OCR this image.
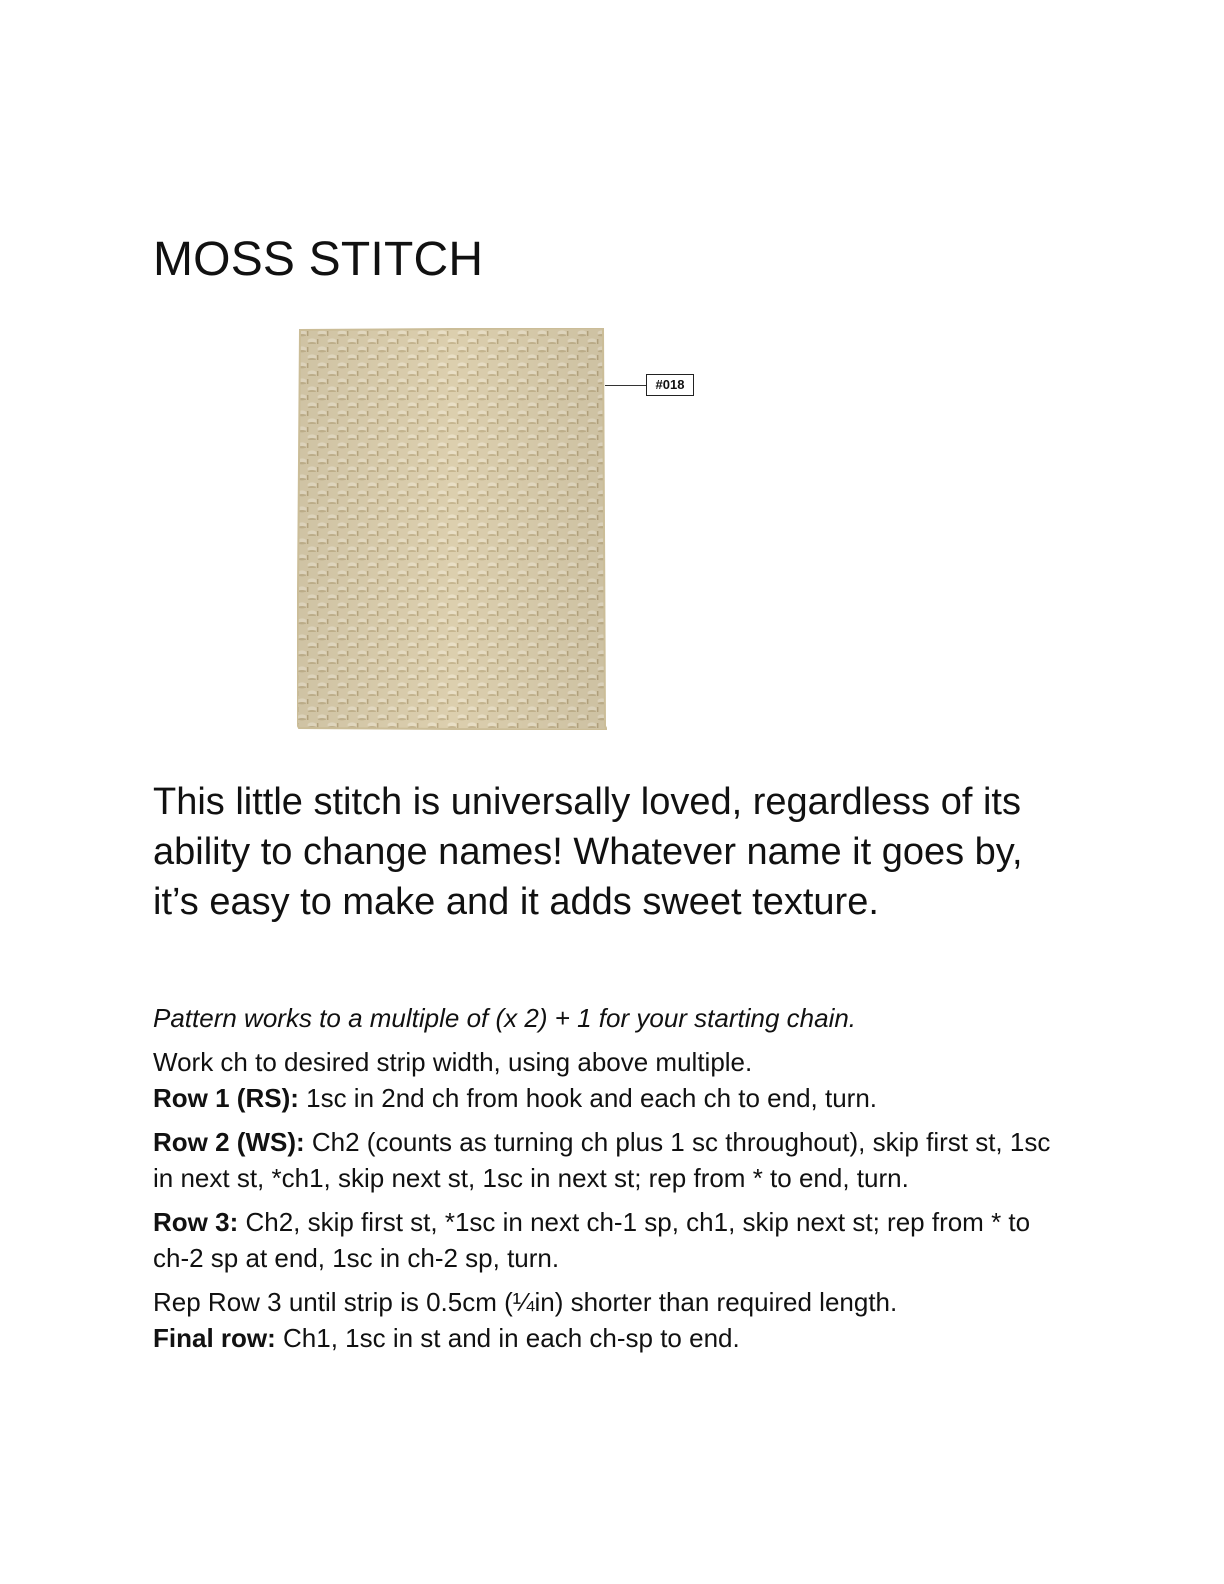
MOSS STITCH
#018

This little stitch is universally loved, regardless of its ability to change names! Whatever name it goes by, it’s easy to make and it adds sweet texture.

Pattern works to a multiple of (x 2) + 1 for your starting chain.

Work ch to desired strip width, using above multiple.

Row 1 (RS): 1sc in 2nd ch from hook and each ch to end, turn.

Row 2 (WS): Ch2 (counts as turning ch plus 1 sc throughout), skip first st, 1sc in next st, *ch1, skip next st, 1sc in next st; rep from * to end, turn.

Row 3: Ch2, skip first st, *1sc in next ch-1 sp, ch1, skip next st; rep from * to ch-2 sp at end, 1sc in ch-2 sp, turn.

Rep Row 3 until strip is 0.5cm (¼in) shorter than required length.

Final row: Ch1, 1sc in st and in each ch-sp to end.
